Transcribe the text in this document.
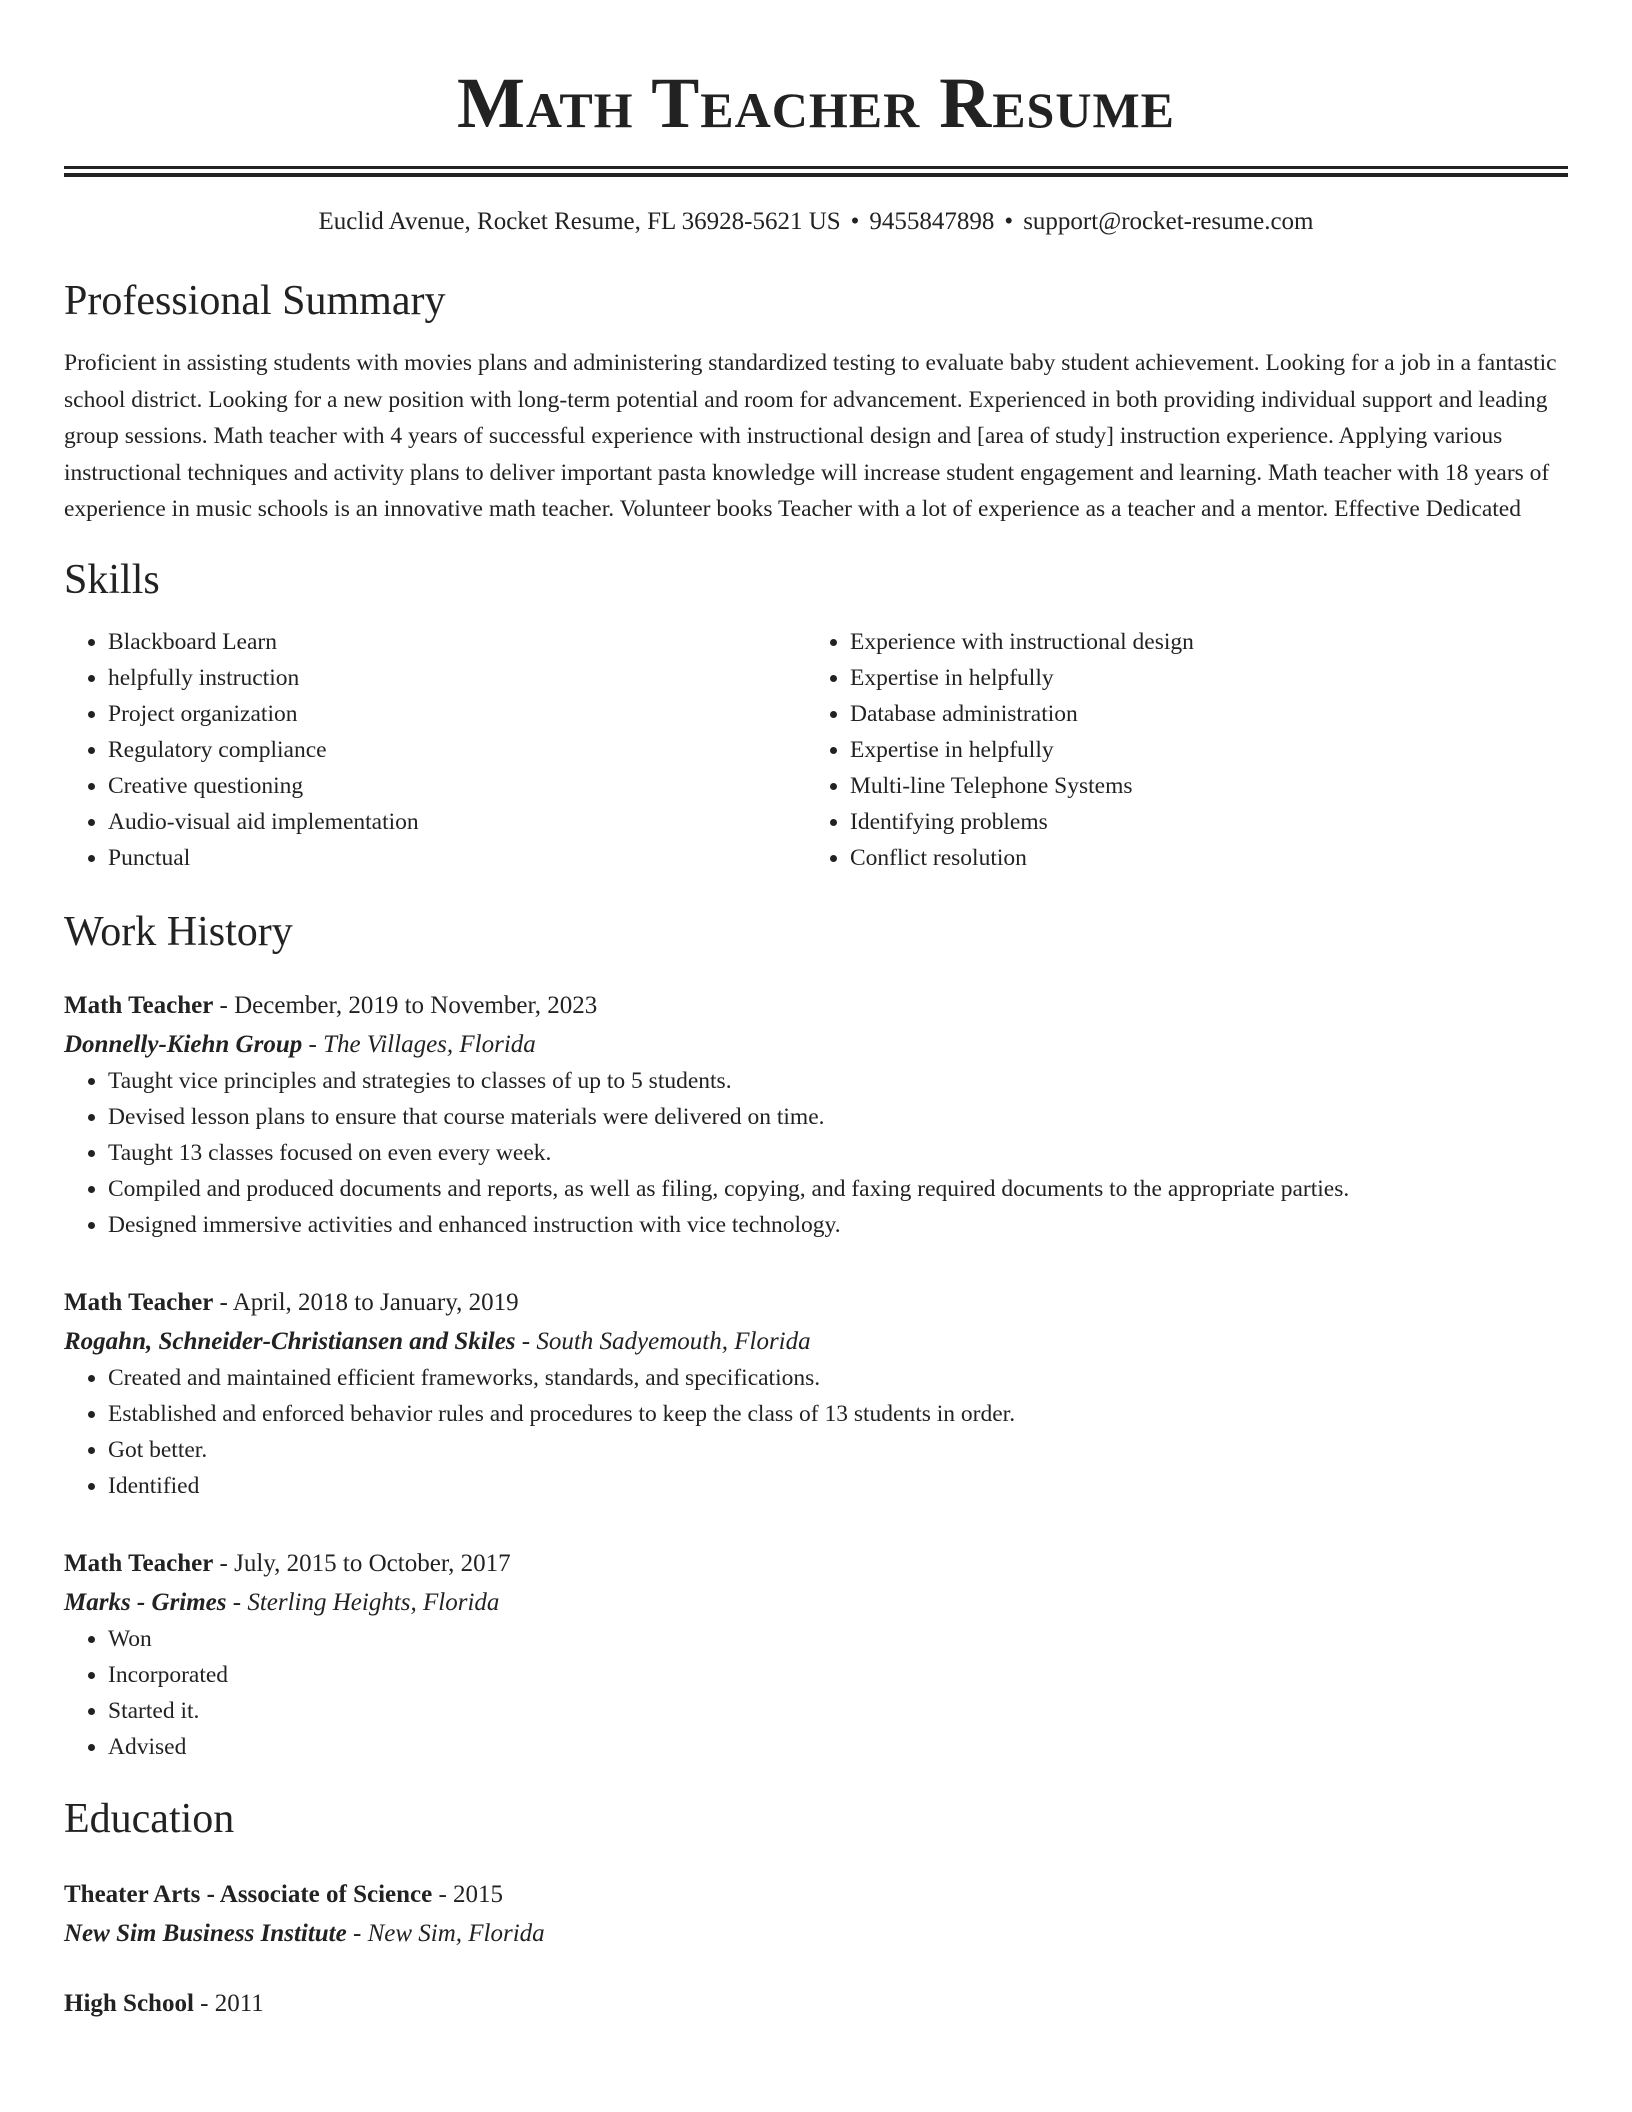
Math Teacher Resume
Euclid Avenue, Rocket Resume, FL 36928-5621 US • 9455847898 • support@rocket-resume.com
Professional Summary
Proficient in assisting students with movies plans and administering standardized testing to evaluate baby student achievement. Looking for a job in a fantastic school district. Looking for a new position with long-term potential and room for advancement. Experienced in both providing individual support and leading group sessions. Math teacher with 4 years of successful experience with instructional design and [area of study] instruction experience. Applying various instructional techniques and activity plans to deliver important pasta knowledge will increase student engagement and learning. Math teacher with 18 years of experience in music schools is an innovative math teacher. Volunteer books Teacher with a lot of experience as a teacher and a mentor. Effective Dedicated
Skills
• Blackboard Learn
• helpfully instruction
• Project organization
• Regulatory compliance
• Creative questioning
• Audio-visual aid implementation
• Punctual
• Experience with instructional design
• Expertise in helpfully
• Database administration
• Expertise in helpfully
• Multi-line Telephone Systems
• Identifying problems
• Conflict resolution
Work History
Math Teacher - December, 2019 to November, 2023
Donnelly-Kiehn Group - The Villages, Florida
• Taught vice principles and strategies to classes of up to 5 students.
• Devised lesson plans to ensure that course materials were delivered on time.
• Taught 13 classes focused on even every week.
• Compiled and produced documents and reports, as well as filing, copying, and faxing required documents to the appropriate parties.
• Designed immersive activities and enhanced instruction with vice technology.
Math Teacher - April, 2018 to January, 2019
Rogahn, Schneider-Christiansen and Skiles - South Sadyemouth, Florida
• Created and maintained efficient frameworks, standards, and specifications.
• Established and enforced behavior rules and procedures to keep the class of 13 students in order.
• Got better.
• Identified
Math Teacher - July, 2015 to October, 2017
Marks - Grimes - Sterling Heights, Florida
• Won
• Incorporated
• Started it.
• Advised
Education
Theater Arts - Associate of Science - 2015
New Sim Business Institute - New Sim, Florida
High School - 2011
